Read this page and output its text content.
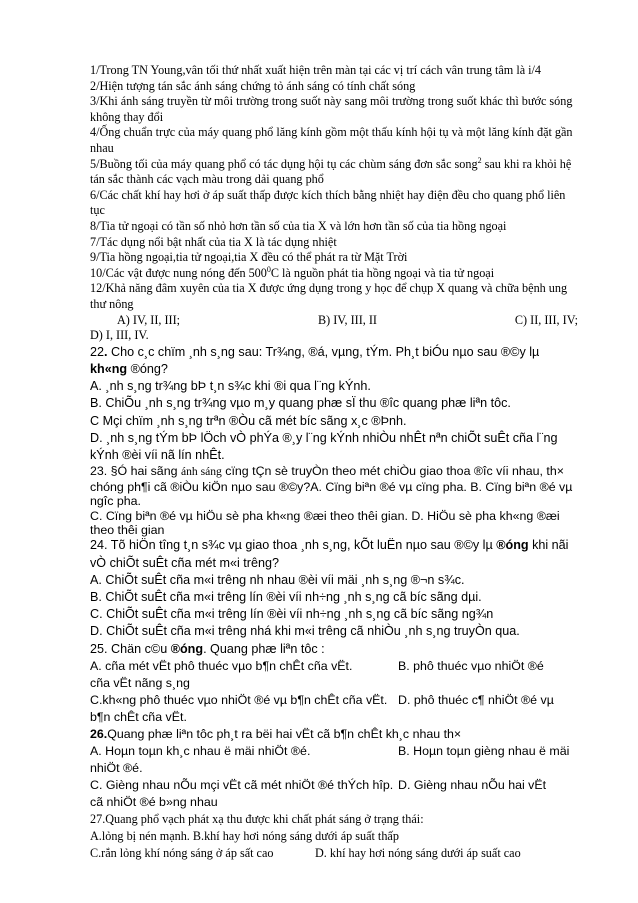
1/Trong TN Young,vân tối thứ nhất xuất hiện trên màn tại các vị trí cách vân trung tâm là i/4

2/Hiện tượng tán sắc ánh sáng chứng tỏ ánh sáng có tính chất sóng

3/Khi ánh sáng truyền từ môi trường trong suốt này sang môi trường trong suốt khác thì bước sóng không thay đổi

4/Ống chuẩn trực của máy quang phổ lăng kính gồm một thấu kính hội tụ và một lăng kính đặt gần nhau

5/Buồng tối của máy quang phổ có tác dụng hội tụ các chùm sáng đơn sắc song$^2$ sau khi ra khỏi hệ tán sắc thành các vạch màu trong dải quang phổ

6/Các chất khí hay hơi ở áp suất thấp được kích thích bằng nhiệt hay điện đều cho quang phổ liên tục

8/Tia tử ngoại có tần số nhỏ hơn tần số của tia X và lớn hơn tần số của tia hồng ngoại

7/Tác dụng nổi bật nhất của tia X là tác dụng nhiệt

9/Tia hồng ngoại,tia tử ngoại,tia X đều có thể phát ra từ Mặt Trời

10/Các vật được nung nóng đến $500^0C$ là nguồn phát tia hồng ngoại và tia tử ngoại

12/Khả năng đâm xuyên của tia X được ứng dụng trong y học để chụp X quang và chữa bệnh ung thư nông

A) IV, II, III;	B) IV, III, II	C) II, III, IV;

D) I, III, IV.

22. Cho c¸c chïm ¸nh s¸ng sau: Tr¾ng, ®á, vµng, tÝm. Ph¸t biÓu nµo sau ®©y lµ kh«ng ®óng?

A. ¸nh s¸ng tr¾ng bÞ t¸n s¾c khi ®i qua l¨ng kÝnh.

B. ChiÕu ¸nh s¸ng tr¾ng vµo m¸y quang phæ sÏ thu ®îc quang phæ liªn tôc.

C Mçi chïm ¸nh s¸ng trªn ®Òu cã mét bíc sãng x¸c ®Þnh.

D. ¸nh s¸ng tÝm bÞ lÖch vÒ phÝa ®¸y l¨ng kÝnh nhiÒu nhÊt nªn chiÕt suÊt cña l¨ng kÝnh ®èi víi nã lín nhÊt.

23. §Ó hai sãng ánh sáng cïng tÇn sè truyÒn theo mét chiÒu giao thoa ®îc víi nhau, th× chóng ph¶i cã ®iÒu kiÖn nµo sau ®©y?A. Cïng biªn ®é vµ cïng pha. B. Cïng biªn ®é vµ ngîc pha.

C. Cïng biªn ®é vµ hiÖu sè pha kh«ng ®æi theo thêi gian. D. HiÖu sè pha kh«ng ®æi theo thêi gian

24. Tõ hiÖn tîng t¸n s¾c vµ giao thoa ¸nh s¸ng, kÕt luËn nµo sau ®©y lµ ®óng khi nãi vÒ chiÕt suÊt cña mét m«i trêng?

A. ChiÕt suÊt cña m«i trêng nh nhau ®èi víi mäi ¸nh s¸ng ®¬n s¾c.

B. ChiÕt suÊt cña m«i trêng lín ®èi víi nh÷ng ¸nh s¸ng cã bíc sãng dµi.

C. ChiÕt suÊt cña m«i trêng lín ®èi víi nh÷ng ¸nh s¸ng cã bíc sãng ng¾n

D. ChiÕt suÊt cña m«i trêng nhá khi m«i trêng cã nhiÒu ¸nh s¸ng truyÒn qua.

25. Chän c©u ®óng. Quang phæ liªn tôc :

A. cña mét vËt phô thuéc vµo b¶n chÊt cña vËt.	B. phô thuéc vµo nhiÖt ®é

cña vËt nãng s¸ng

C.kh«ng phô thuéc vµo nhiÖt ®é vµ b¶n chÊt cña vËt. D. phô thuéc c¶ nhiÖt ®é vµ

b¶n chÊt cña vËt.

26.Quang phæ liªn tôc ph¸t ra bëi hai vËt cã b¶n chÊt kh¸c nhau th×

A. Hoµn toµn kh¸c nhau ë mäi nhiÖt ®é.	B. Hoµn toµn gièng nhau ë mäi

nhiÖt ®é.

C. Gièng nhau nÕu mçi vËt cã mét nhiÖt ®é thÝch hîp. D. Gièng nhau nÕu hai vËt

cã nhiÖt ®é b»ng nhau

27.Quang phổ vạch phát xạ thu được khi chất phát sáng ở trạng thái:

A.lỏng bị nén mạnh. B.khí hay hơi nóng sáng dưới áp suất thấp

C.rắn lỏng khí nóng sáng ở áp sất cao	D. khí hay hơi nóng sáng dưới áp suất cao
